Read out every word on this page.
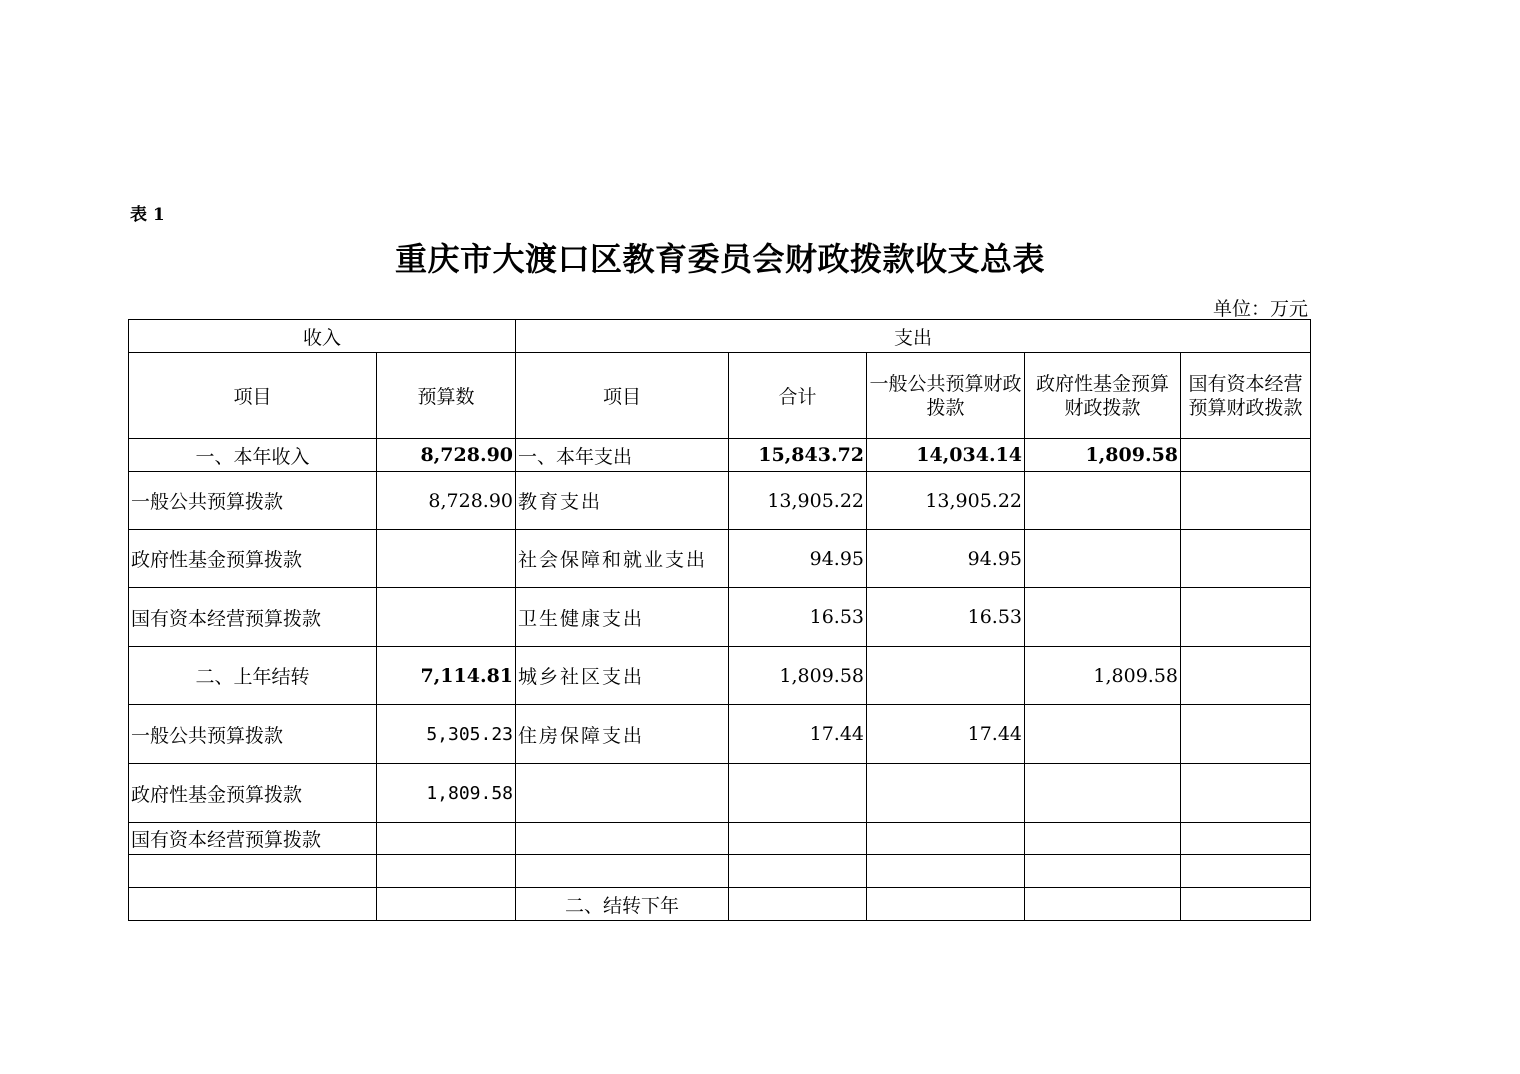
表 1
重庆市大渡口区教育委员会财政拨款收支总表
单位：万元
收入		支出				
项目	预算数	项目	合计	一般公共预算财政拨款	政府性基金预算财政拨款	国有资本经营预算财政拨款
一、本年收入	8,728.90	一、本年支出	15,843.72	14,034.14	1,809.58	
一般公共预算拨款	8,728.90	教育支出	13,905.22	13,905.22		
政府性基金预算拨款		社会保障和就业支出	94.95	94.95		
国有资本经营预算拨款		卫生健康支出	16.53	16.53		
二、上年结转	7,114.81	城乡社区支出	1,809.58		1,809.58	
一般公共预算拨款	5,305.23	住房保障支出	17.44	17.44		
政府性基金预算拨款	1,809.58					
国有资本经营预算拨款						

		二、结转下年				
